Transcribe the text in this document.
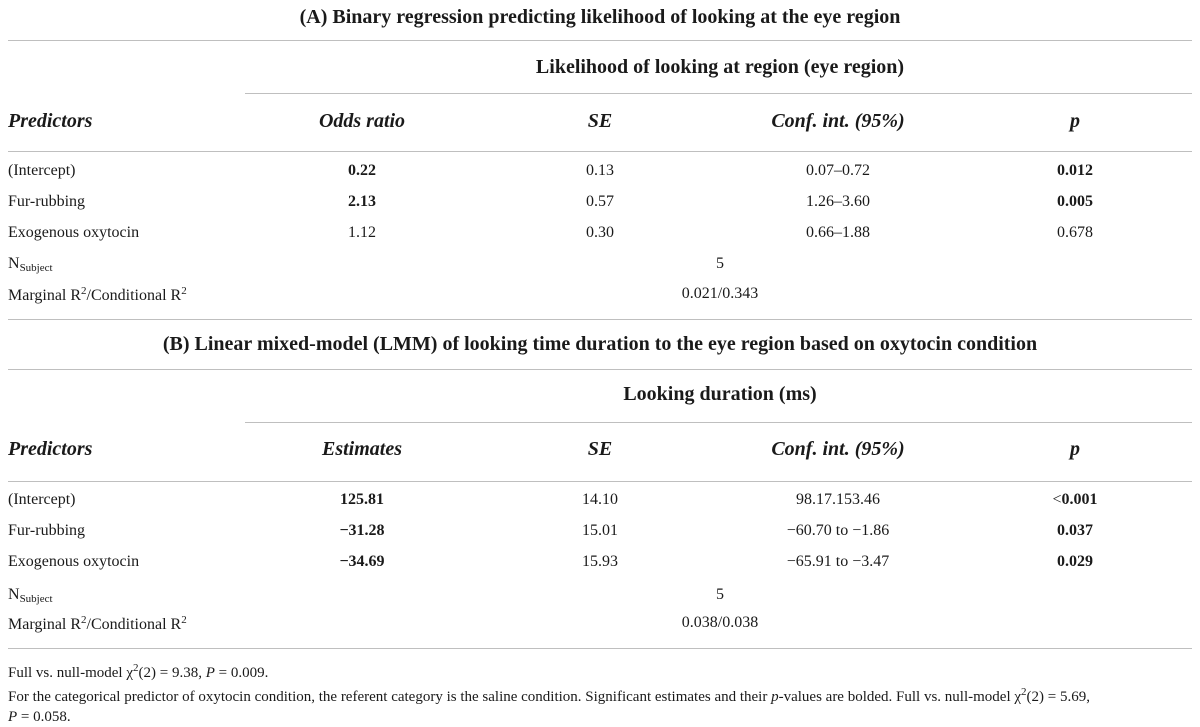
(A) Binary regression predicting likelihood of looking at the eye region
Likelihood of looking at region (eye region)
Predictors	Odds ratio	SE	Conf. int. (95%)	p
(Intercept)	0.22	0.13	0.07–0.72	0.012
Fur-rubbing	2.13	0.57	1.26–3.60	0.005
Exogenous oxytocin	1.12	0.30	0.66–1.88	0.678
$N_{Subject}$	5
Marginal $R^2$/Conditional $R^2$	0.021/0.343
(B) Linear mixed-model (LMM) of looking time duration to the eye region based on oxytocin condition
Looking duration (ms)
Predictors	Estimates	SE	Conf. int. (95%)	p
(Intercept)	125.81	14.10	98.17.153.46	<0.001
Fur-rubbing	−31.28	15.01	−60.70 to −1.86	0.037
Exogenous oxytocin	−34.69	15.93	−65.91 to −3.47	0.029
$N_{Subject}$	5
Marginal $R^2$/Conditional $R^2$	0.038/0.038
Full vs. null-model $\chi^2(2) = 9.38$, P = 0.009.
For the categorical predictor of oxytocin condition, the referent category is the saline condition. Significant estimates and their p-values are bolded. Full vs. null-model $\chi^2(2) = 5.69$,
P = 0.058.
